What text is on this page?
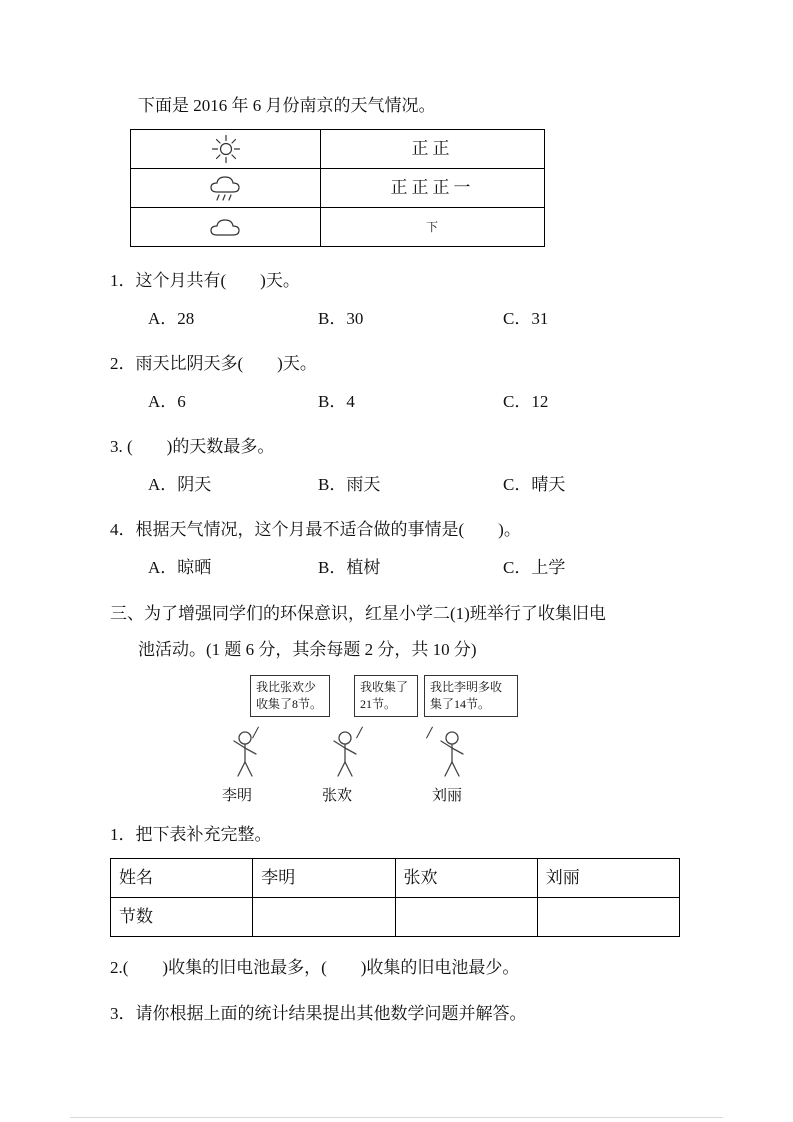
下面是 2016 年 6 月份南京的天气情况。

	正正
	正正正一
	下

1．这个月共有(　　)天。

A．28	B．30	C．31

2．雨天比阴天多(　　)天。

A．6	B．4	C．12

3. (　　)的天数最多。

A．阴天	B．雨天	C．晴天

4．根据天气情况，这个月最不适合做的事情是(　　)。

A．晾晒	B．植树	C．上学

三、为了增强同学们的环保意识，红星小学二(1)班举行了收集旧电

池活动。(1 题 6 分，其余每题 2 分，共 10 分)

我比张欢少收集了8节。
我收集了21节。
我比李明多收集了14节。
李明	张欢	刘丽

1．把下表补充完整。

姓名	李明	张欢	刘丽
节数			

2.(　　)收集的旧电池最多，(　　)收集的旧电池最少。

3．请你根据上面的统计结果提出其他数学问题并解答。
